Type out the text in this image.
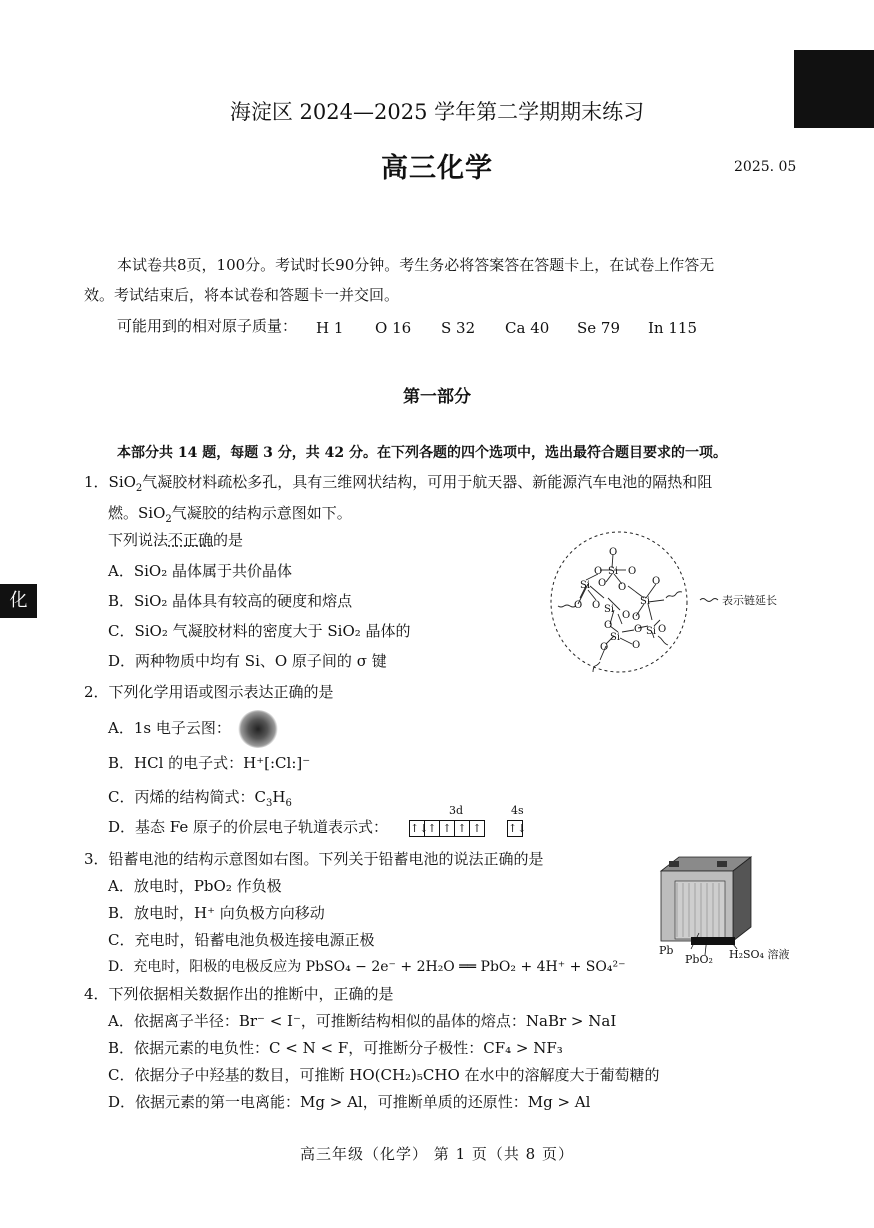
化
海淀区 2024—2025 学年第二学期期末练习
高三化学	2025. 05
本试卷共8页，100分。考试时长90分钟。考生务必将答案答在答题卡上，在试卷上作答无
效。考试结束后，将本试卷和答题卡一并交回。
可能用到的相对原子质量： H 1 O 16 S 32 Ca 40 Se 79 In 115
第一部分
本部分共 14 题，每题 3 分，共 42 分。在下列各题的四个选项中，选出最符合题目要求的一项。
1．SiO$_2$气凝胶材料疏松多孔，具有三维网状结构，可用于航天器、新能源汽车电池的隔热和阻
燃。SiO$_2$气凝胶的结构示意图如下。
下列说法不正确的是
A．SiO₂ 晶体属于共价晶体
B．SiO₂ 晶体具有较高的硬度和熔点
C．SiO₂ 气凝胶材料的密度大于 SiO₂ 晶体的
D．两种物质中均有 Si、O 原子间的 σ 键
O
Si
O	O
Si O O
O O Si
O
Si
O
O
O
Si
O Si O
O
O
表示链延长
2．下列化学用语或图示表达正确的是
A．1s 电子云图：
B．HCl 的电子式：H⁺[:Cl:]⁻
C．丙烯的结构简式：$C_3H_6$
D．基态 Fe 原子的价层电子轨道表示式：
3d	4s
↑↓↑ ↑ ↑ ↑	↑↓
3．铅蓄电池的结构示意图如右图。下列关于铅蓄电池的说法正确的是
A．放电时，PbO₂ 作负极
B．放电时，H⁺ 向负极方向移动
C．充电时，铅蓄电池负极连接电源正极
D．充电时，阳极的电极反应为 PbSO₄ − 2e⁻ + 2H₂O ══ PbO₂ + 4H⁺ + SO₄²⁻
Pb
PbO₂ H₂SO₄ 溶液
4．下列依据相关数据作出的推断中，正确的是
A．依据离子半径：Br⁻ < I⁻，可推断结构相似的晶体的熔点：NaBr > NaI
B．依据元素的电负性：C < N < F，可推断分子极性：CF₄ > NF₃
C．依据分子中羟基的数目，可推断 HO(CH₂)₅CHO 在水中的溶解度大于葡萄糖的
D．依据元素的第一电离能：Mg > Al，可推断单质的还原性：Mg > Al
高三年级（化学） 第 1 页（共 8 页）
